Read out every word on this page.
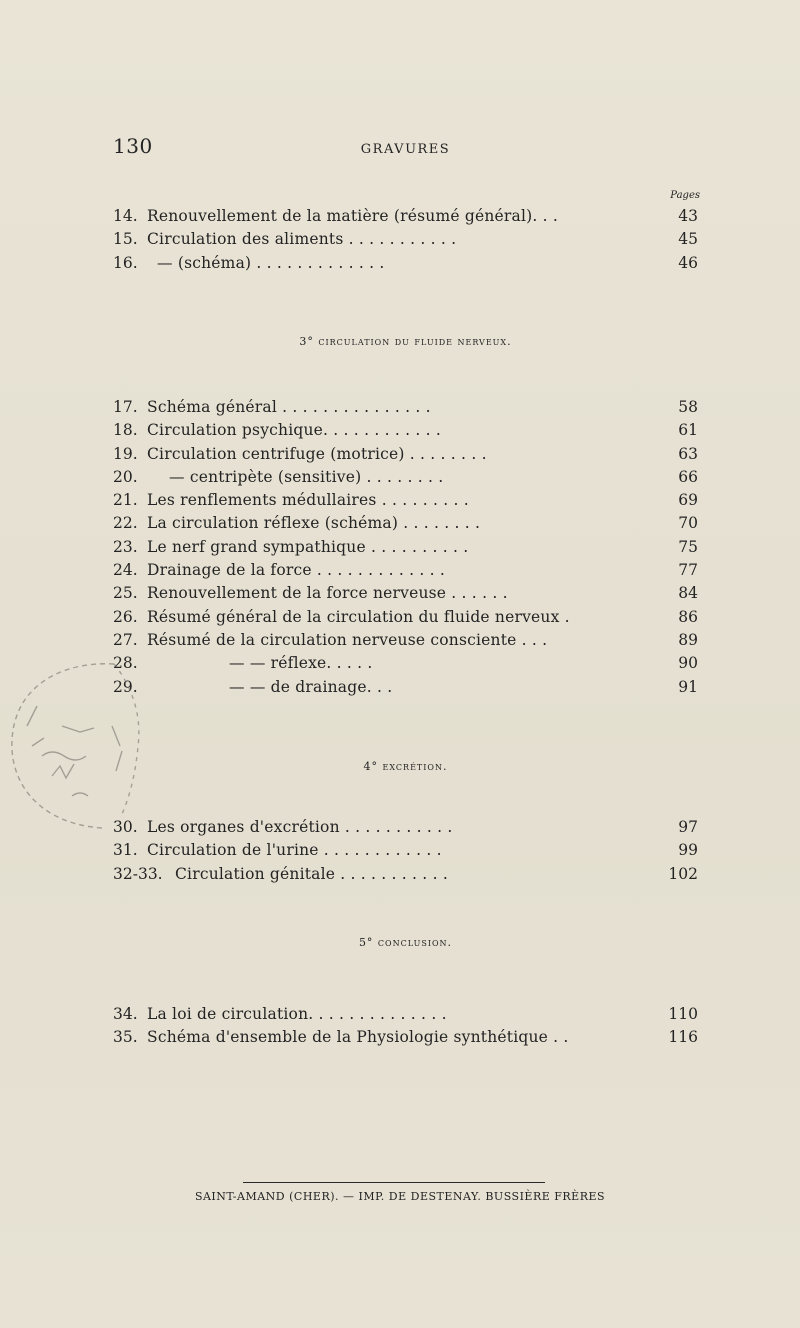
130	GRAVURES
Pages
14. Renouvellement de la matière (résumé général). . .	43
15. Circulation des aliments . . . . . . . . . . .	45
16. — (schéma) . . . . . . . . . . . . .	46
3° circulation du fluide nerveux.
17. Schéma général . . . . . . . . . . . . . . .	58
18. Circulation psychique. . . . . . . . . . . .	61
19. Circulation centrifuge (motrice) . . . . . . . .	63
20. — centripète (sensitive) . . . . . . . .	66
21. Les renflements médullaires . . . . . . . . .	69
22. La circulation réflexe (schéma) . . . . . . . .	70
23. Le nerf grand sympathique . . . . . . . . . .	75
24. Drainage de la force . . . . . . . . . . . . .	77
25. Renouvellement de la force nerveuse . . . . . .	84
26. Résumé général de la circulation du fluide nerveux .	86
27. Résumé de la circulation nerveuse consciente . . .	89
28.	— — réflexe. . . . .	90
29.	— — de drainage. . .	91
4° excrétion.
30. Les organes d'excrétion . . . . . . . . . . .	97
31. Circulation de l'urine . . . . . . . . . . . .	99
32-33. Circulation génitale . . . . . . . . . . .	102
5° conclusion.
34. La loi de circulation. . . . . . . . . . . . . .	110
35. Schéma d'ensemble de la Physiologie synthétique . .	116
SAINT-AMAND (CHER). — IMP. DE DESTENAY. BUSSIÈRE FRÈRES
